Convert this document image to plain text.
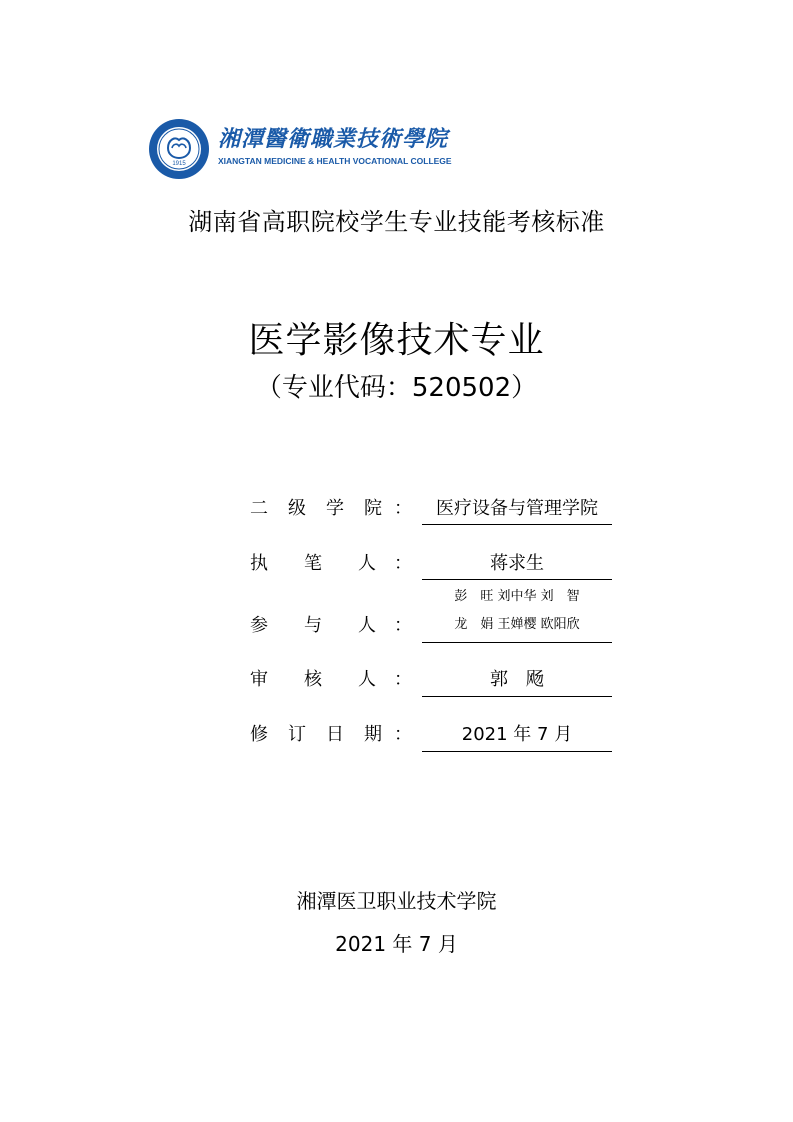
1915
湘潭醫衛職業技術學院
XIANGTAN MEDICINE & HEALTH VOCATIONAL COLLEGE
湖南省高职院校学生专业技能考核标准
医学影像技术专业
（专业代码：520502）
二 级 学 院 ：	医疗设备与管理学院
执 笔 人 ：	蒋求生
参 与 人 ：
彭　旺 刘中华 刘　智
龙　娟 王婵樱 欧阳欣
审 核 人 ：	郭　飏
修 订 日 期 ：	2021 年 7 月
湘潭医卫职业技术学院
2021 年 7 月
